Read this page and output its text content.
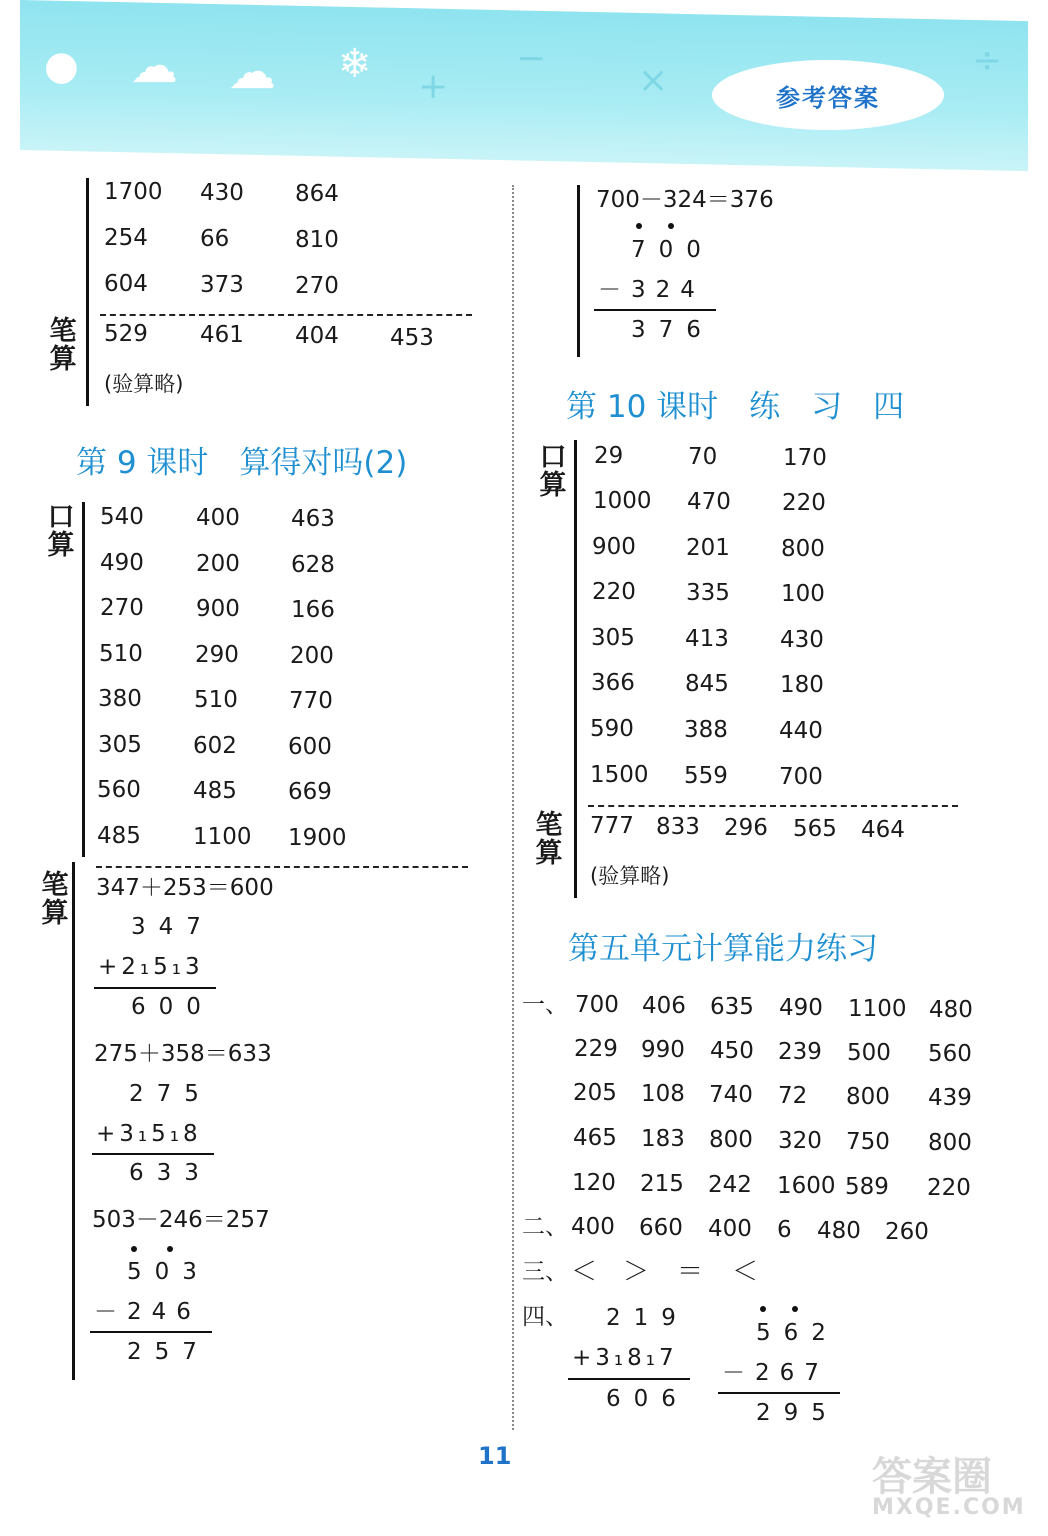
● ☁ ☁ ❄ +
−
×	÷
参考答案
1700 430 864
254 66	810
604 373 270
笔算
529 461 404 453
(验算略)
第 9 课时　算得对吗(2)
口算
540 400 463
490 200 628
270 900 166
510 290 200
380 510 770
305 602 600
560 485 669
485 1100 1900
笔算
347＋253＝600
347
+2₁5₁3
600
275＋358＝633
275
+3₁5₁8
633
503－246＝257
503
－246
257
700－324＝376
700
－324
376
第 10 课时　练　习　四
口算
29	70	170
1000 470 220
900 201 800
220 335 100
305 413 430
366 845 180
590 388 440
1500 559 700
笔算
777 833 296 565 464
(验算略)
第五单元计算能力练习
一、 700 406 635 490 1100 480
229 990 450 239 500 560
205 108 740 72 800 439
465 183 800 320 750 800
120 215 242 1600 589 220
二、 400 660 400 6 480 260
三、 ＜ ＞ ＝ ＜
四、 219
+3₁8₁7
606
562
－267
295
11	答案圈
MXQE.COM
